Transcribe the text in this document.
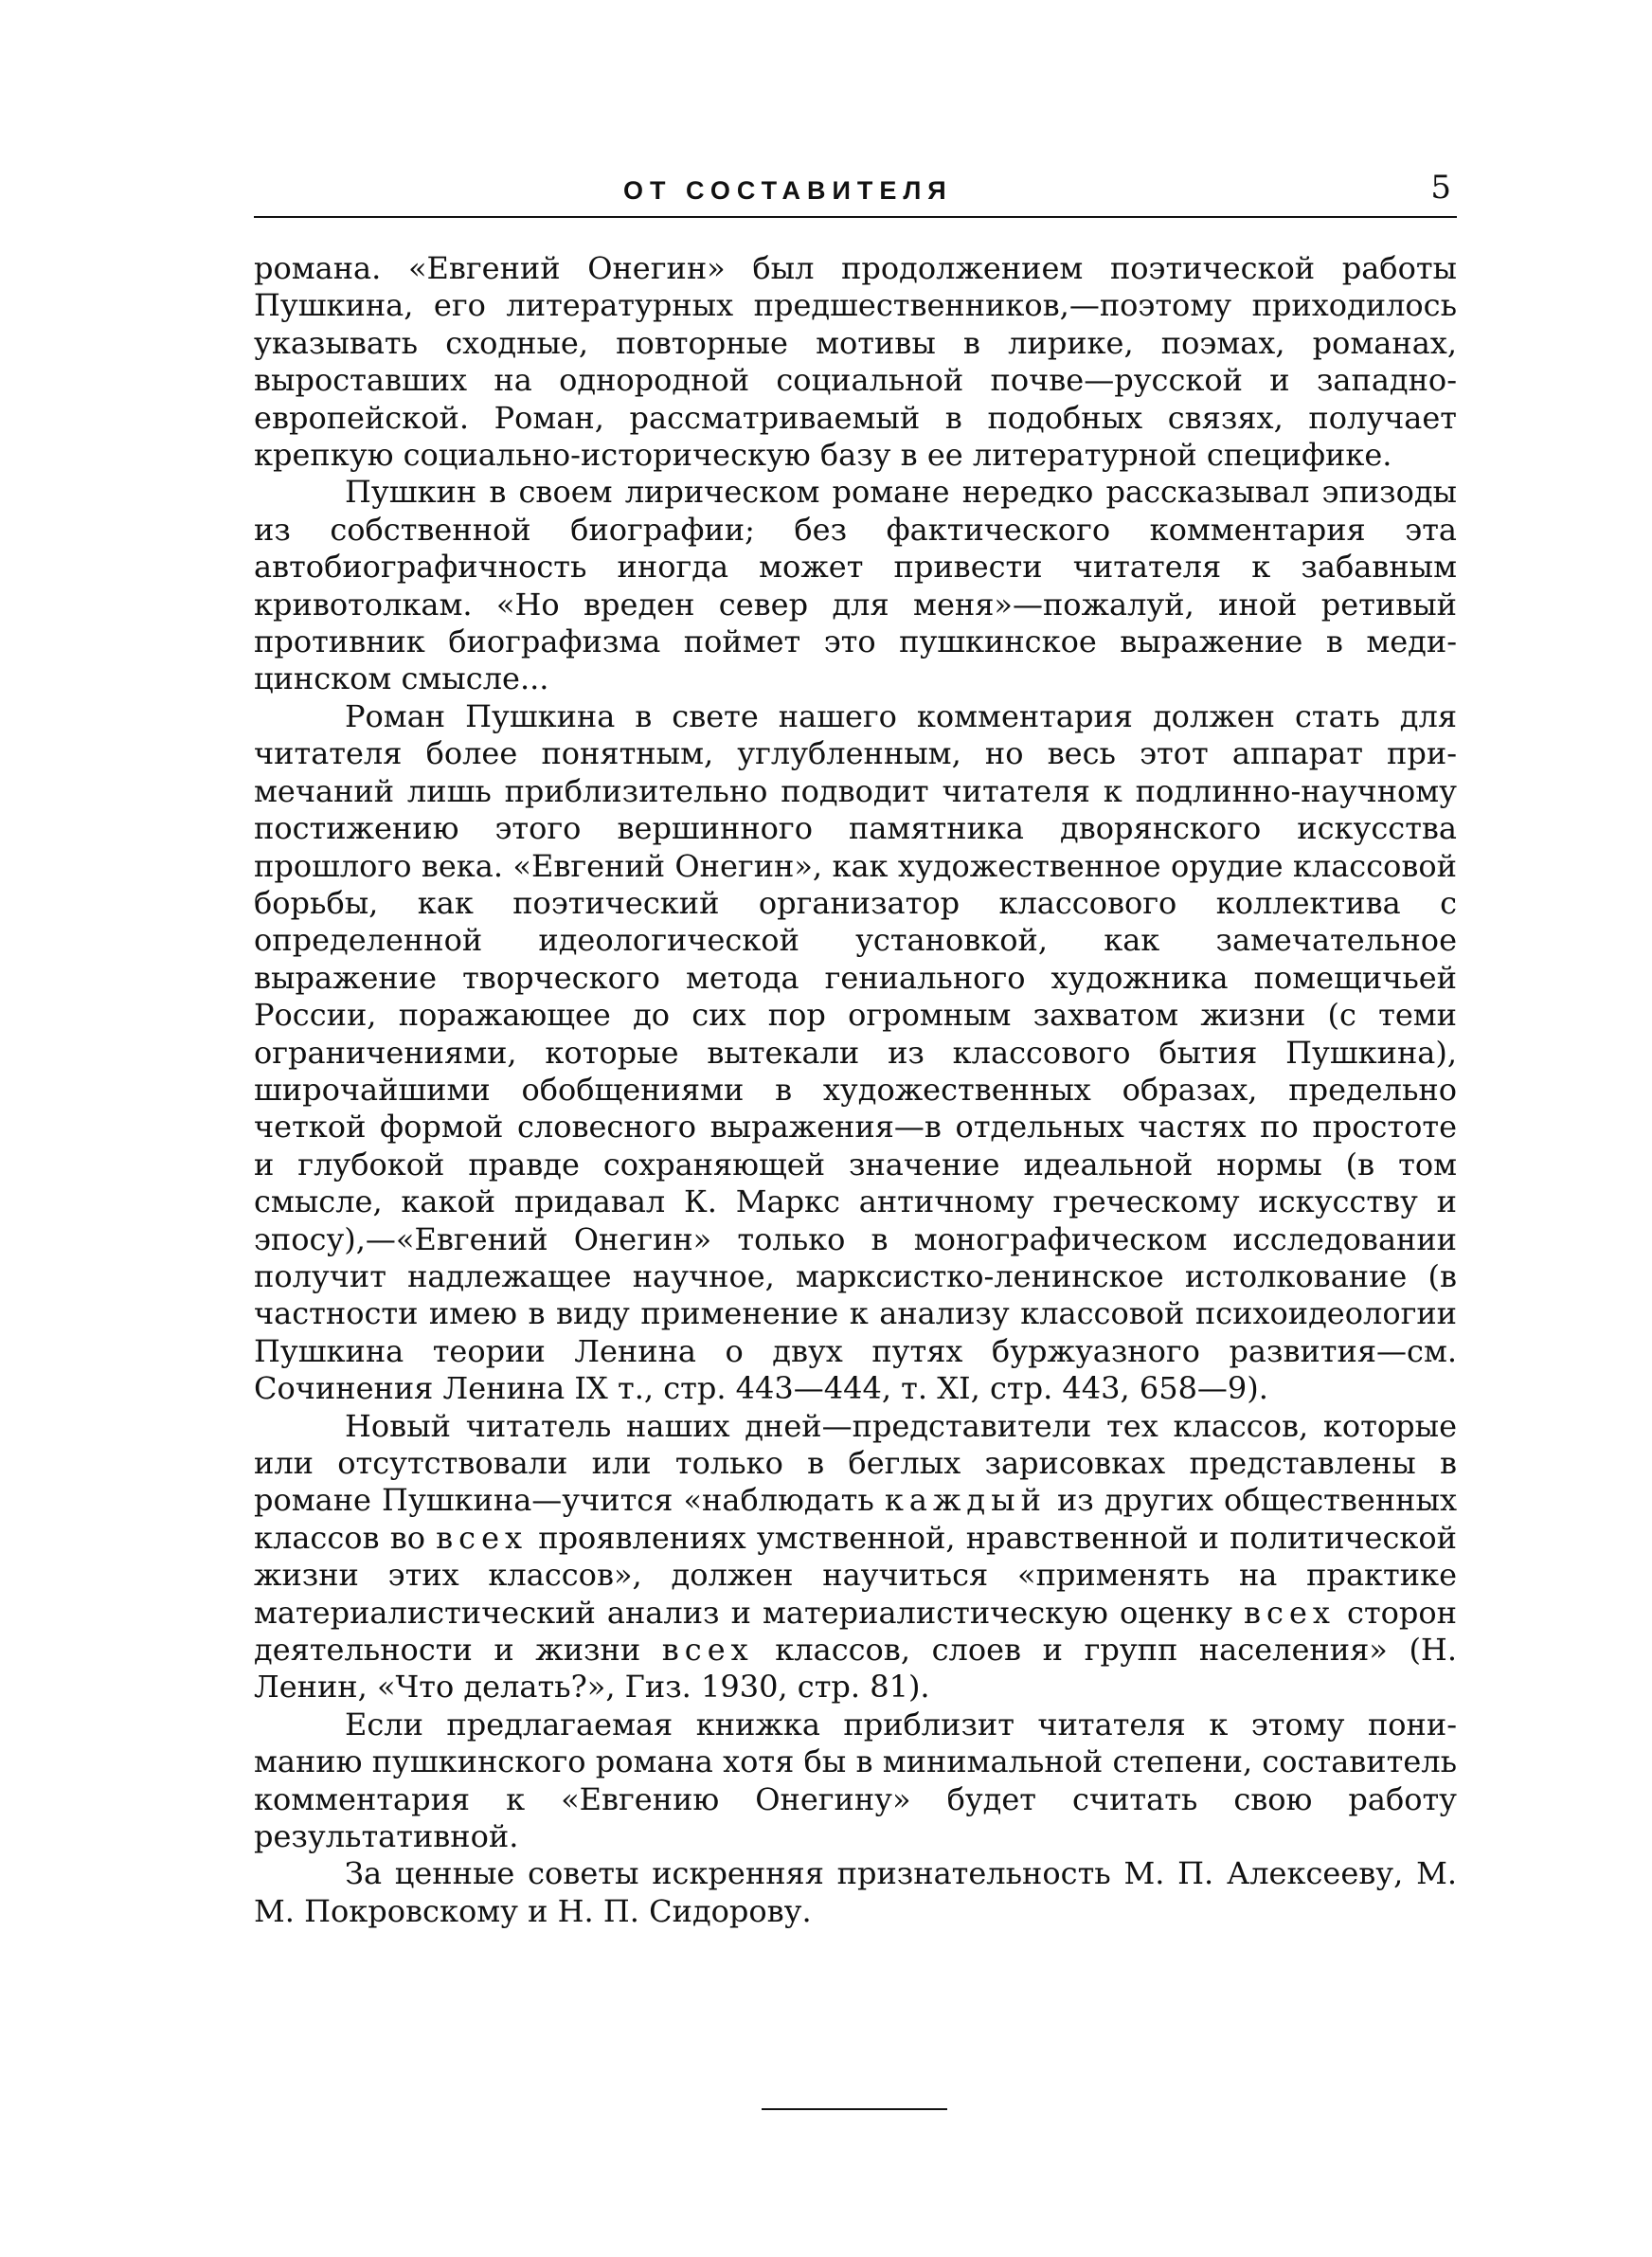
ОТ СОСТАВИТЕЛЯ	5

романа. «Евгений Онегин» был продолжением поэтической работы Пушкина, его литературных предшественников,—поэтому приходилось указывать сходные, повторные мотивы в лирике, поэмах, романах, выроставших на однородной социальной почве—русской и западно-европейской. Роман, рассматриваемый в подобных связях, получает крепкую социально-историческую базу в ее литературной специфике.

Пушкин в своем лирическом романе нередко рассказывал эпизоды из собственной биографии; без фактического комментария эта автобиографичность иногда может привести читателя к забавным кривотолкам. «Но вреден север для меня»—пожалуй, иной ретивый противник биографизма поймет это пушкинское выражение в медицинском смысле...

Роман Пушкина в свете нашего комментария должен стать для читателя более понятным, углубленным, но весь этот аппарат примечаний лишь приблизительно подводит читателя к подлинно-научному постижению этого вершинного памятника дворянского искусства прошлого века. «Евгений Онегин», как художественное орудие классовой борьбы, как поэтический организатор классового коллектива с определенной идеологической установкой, как замечательное выражение творческого метода гениального художника помещичьей России, поражающее до сих пор огромным захватом жизни (с теми ограничениями, которые вытекали из классового бытия Пушкина), широчайшими обобщениями в художественных образах, предельно четкой формой словесного выражения—в отдельных частях по простоте и глубокой правде сохраняющей значение идеальной нормы (в том смысле, какой придавал К. Маркс античному греческому искусству и эпосу),—«Евгений Онегин» только в монографическом исследовании получит надлежащее научное, марксистко-ленинское истолкование (в частности имею в виду применение к анализу классовой психоидеологии Пушкина теории Ленина о двух путях буржуазного развития—см. Сочинения Ленина IX т., стр. 443—444, т. XI, стр. 443, 658—9).

Новый читатель наших дней—представители тех классов, которые или отсутствовали или только в беглых зарисовках представлены в романе Пушкина—учится «наблюдать каждый из других общественных классов во всех проявлениях умственной, нравственной и политической жизни этих классов», должен научиться «применять на практике материалистический анализ и материалистическую оценку всех сторон деятельности и жизни всех классов, слоев и групп населения» (Н. Ленин, «Что делать?», Гиз. 1930, стр. 81).

Если предлагаемая книжка приблизит читателя к этому пониманию пушкинского романа хотя бы в минимальной степени, составитель комментария к «Евгению Онегину» будет считать свою работу результативной.

За ценные советы искренняя признательность М. П. Алексееву, М. М. Покровскому и Н. П. Сидорову.
